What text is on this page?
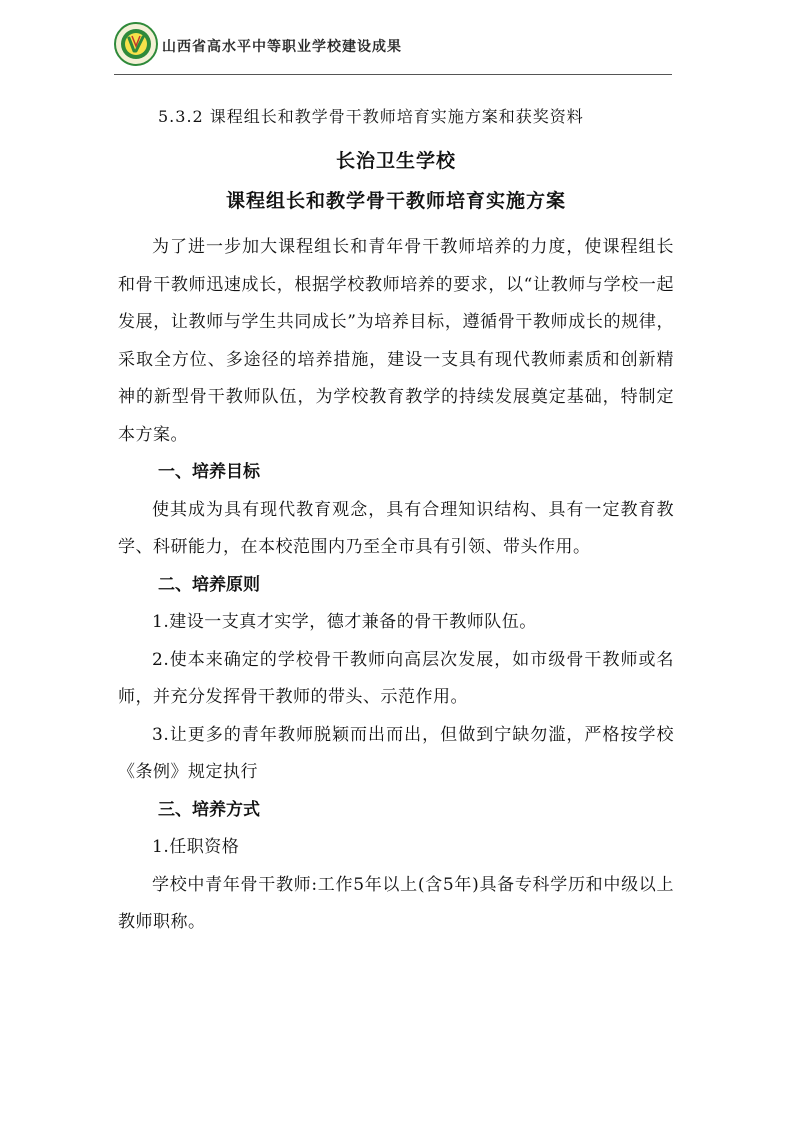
山西省高水平中等职业学校建设成果
5.3.2 课程组长和教学骨干教师培育实施方案和获奖资料
长治卫生学校
课程组长和教学骨干教师培育实施方案

为了进一步加大课程组长和青年骨干教师培养的力度，使课程组长和骨干教师迅速成长，根据学校教师培养的要求，以“让教师与学校一起发展，让教师与学生共同成长”为培养目标，遵循骨干教师成长的规律，采取全方位、多途径的培养措施，建设一支具有现代教师素质和创新精神的新型骨干教师队伍，为学校教育教学的持续发展奠定基础，特制定本方案。

一、培养目标

使其成为具有现代教育观念，具有合理知识结构、具有一定教育教学、科研能力，在本校范围内乃至全市具有引领、带头作用。

二、培养原则

1.建设一支真才实学，德才兼备的骨干教师队伍。

2.使本来确定的学校骨干教师向高层次发展，如市级骨干教师或名师，并充分发挥骨干教师的带头、示范作用。

3.让更多的青年教师脱颖而出而出，但做到宁缺勿滥，严格按学校《条例》规定执行

三、培养方式

1.任职资格

学校中青年骨干教师:工作5年以上(含5年)具备专科学历和中级以上教师职称。
